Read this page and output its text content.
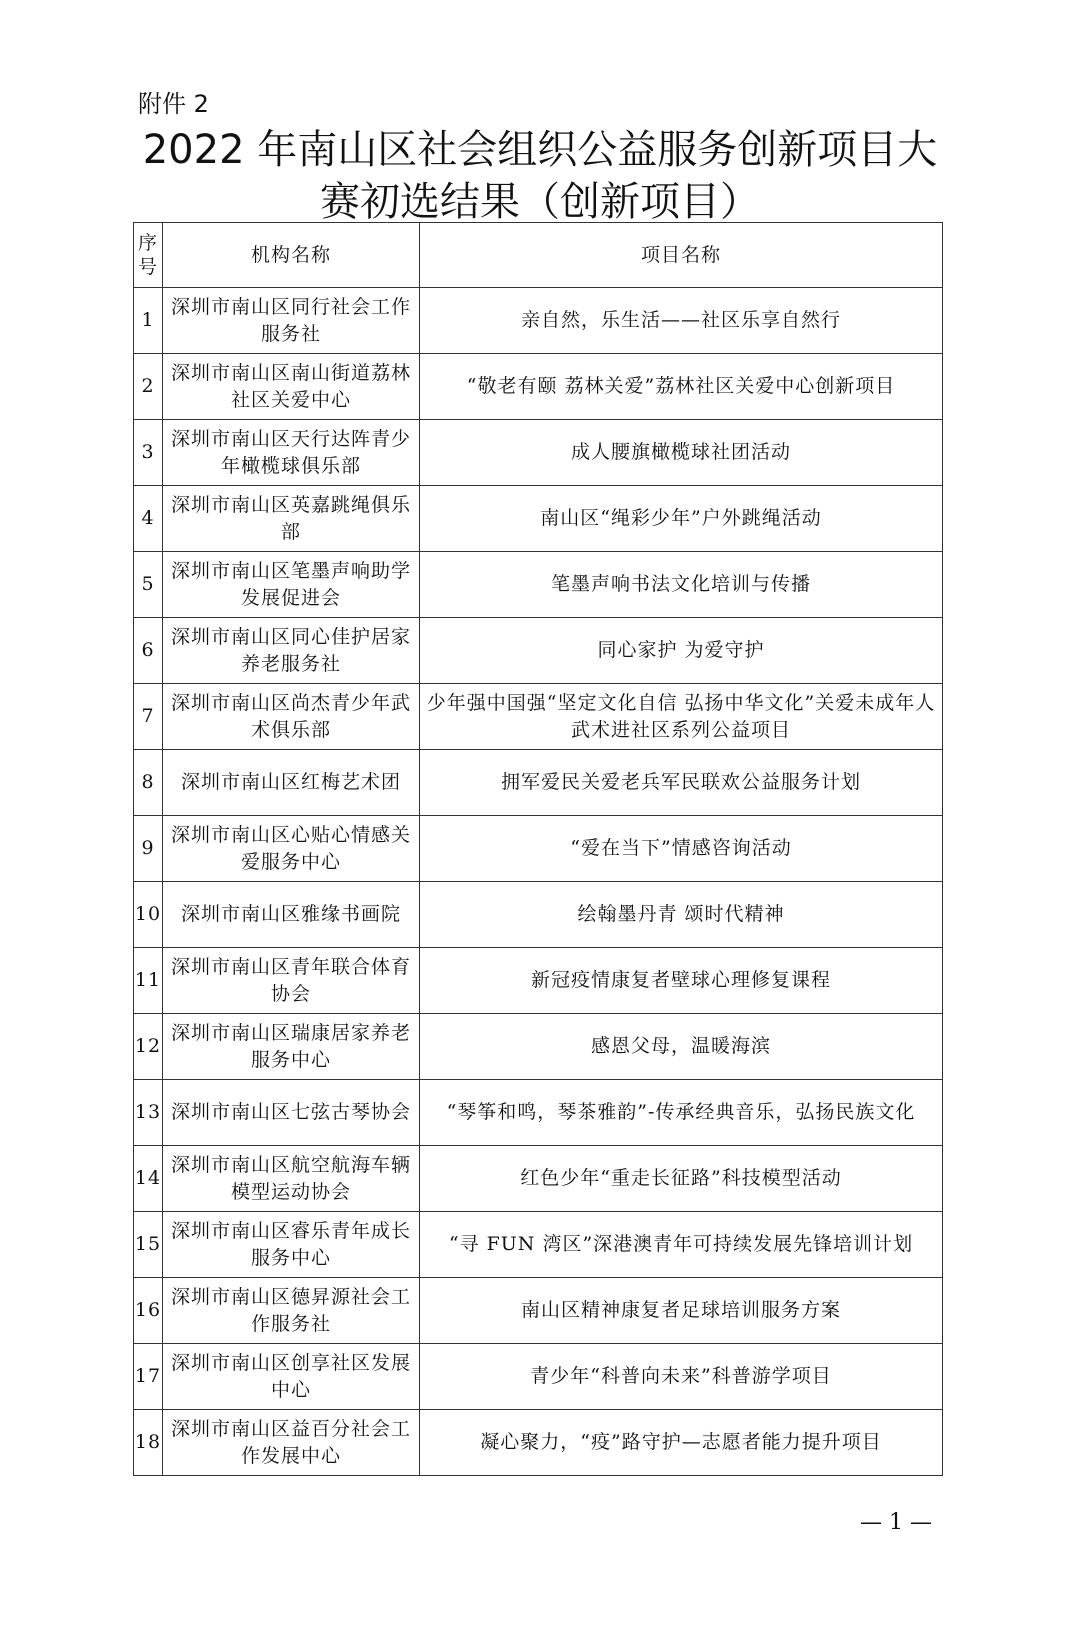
附件 2
2022 年南山区社会组织公益服务创新项目大
赛初选结果（创新项目）
序
号	机构名称	项目名称
1	深圳市南山区同行社会工作服务社	亲自然，乐生活——社区乐享自然行
2	深圳市南山区南山街道荔林社区关爱中心	“敬老有颐 荔林关爱”荔林社区关爱中心创新项目
3	深圳市南山区天行达阵青少年橄榄球俱乐部	成人腰旗橄榄球社团活动
4	深圳市南山区英嘉跳绳俱乐部	南山区“绳彩少年”户外跳绳活动
5	深圳市南山区笔墨声响助学发展促进会	笔墨声响书法文化培训与传播
6	深圳市南山区同心佳护居家养老服务社	同心家护 为爱守护
7	深圳市南山区尚杰青少年武术俱乐部	少年强中国强“坚定文化自信 弘扬中华文化”关爱未成年人武术进社区系列公益项目
8	深圳市南山区红梅艺术团	拥军爱民关爱老兵军民联欢公益服务计划
9	深圳市南山区心贴心情感关爱服务中心	“爱在当下”情感咨询活动
10	深圳市南山区雅缘书画院	绘翰墨丹青 颂时代精神
11	深圳市南山区青年联合体育协会	新冠疫情康复者壁球心理修复课程
12	深圳市南山区瑞康居家养老服务中心	感恩父母，温暖海滨
13	深圳市南山区七弦古琴协会	“琴筝和鸣，琴茶雅韵”-传承经典音乐，弘扬民族文化
14	深圳市南山区航空航海车辆模型运动协会	红色少年“重走长征路”科技模型活动
15	深圳市南山区睿乐青年成长服务中心	“寻 FUN 湾区”深港澳青年可持续发展先锋培训计划
16	深圳市南山区德昇源社会工作服务社	南山区精神康复者足球培训服务方案
17	深圳市南山区创享社区发展中心	青少年“科普向未来”科普游学项目
18	深圳市南山区益百分社会工作发展中心	凝心聚力，“疫”路守护—志愿者能力提升项目
— 1 —
